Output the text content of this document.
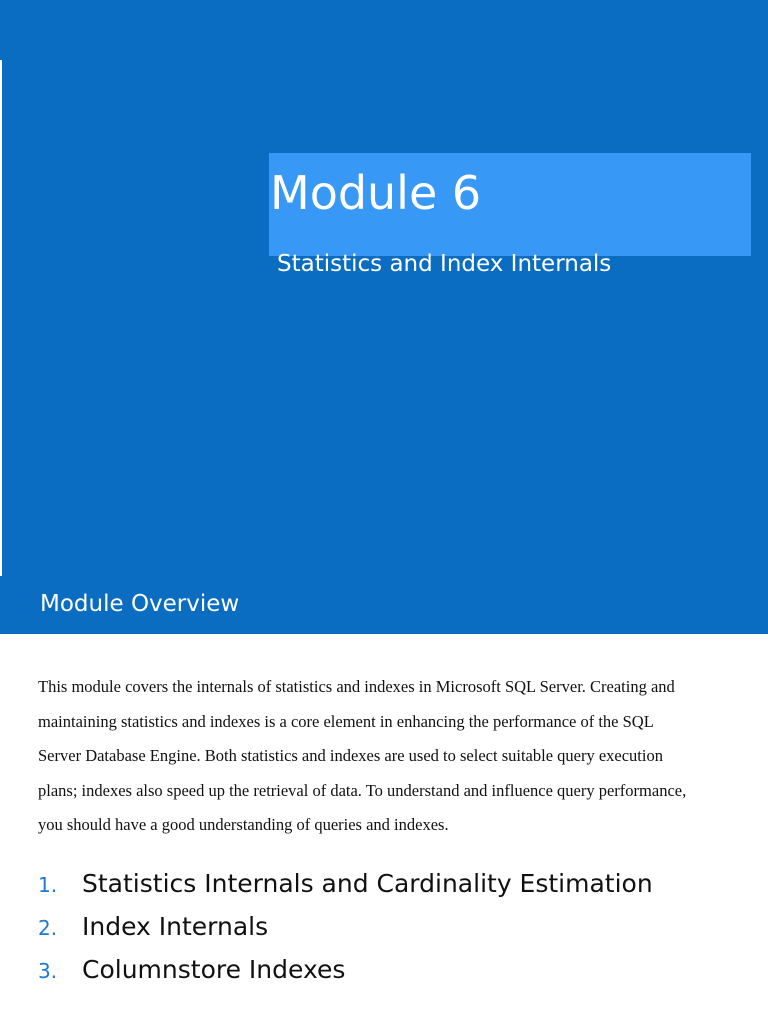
Module 6
Statistics and Index Internals
Module Overview

This module covers the internals of statistics and indexes in Microsoft SQL Server. Creating and maintaining statistics and indexes is a core element in enhancing the performance of the SQL Server Database Engine. Both statistics and indexes are used to select suitable query execution plans; indexes also speed up the retrieval of data. To understand and influence query performance, you should have a good understanding of queries and indexes.

1. Statistics Internals and Cardinality Estimation
2. Index Internals
3. Columnstore Indexes
